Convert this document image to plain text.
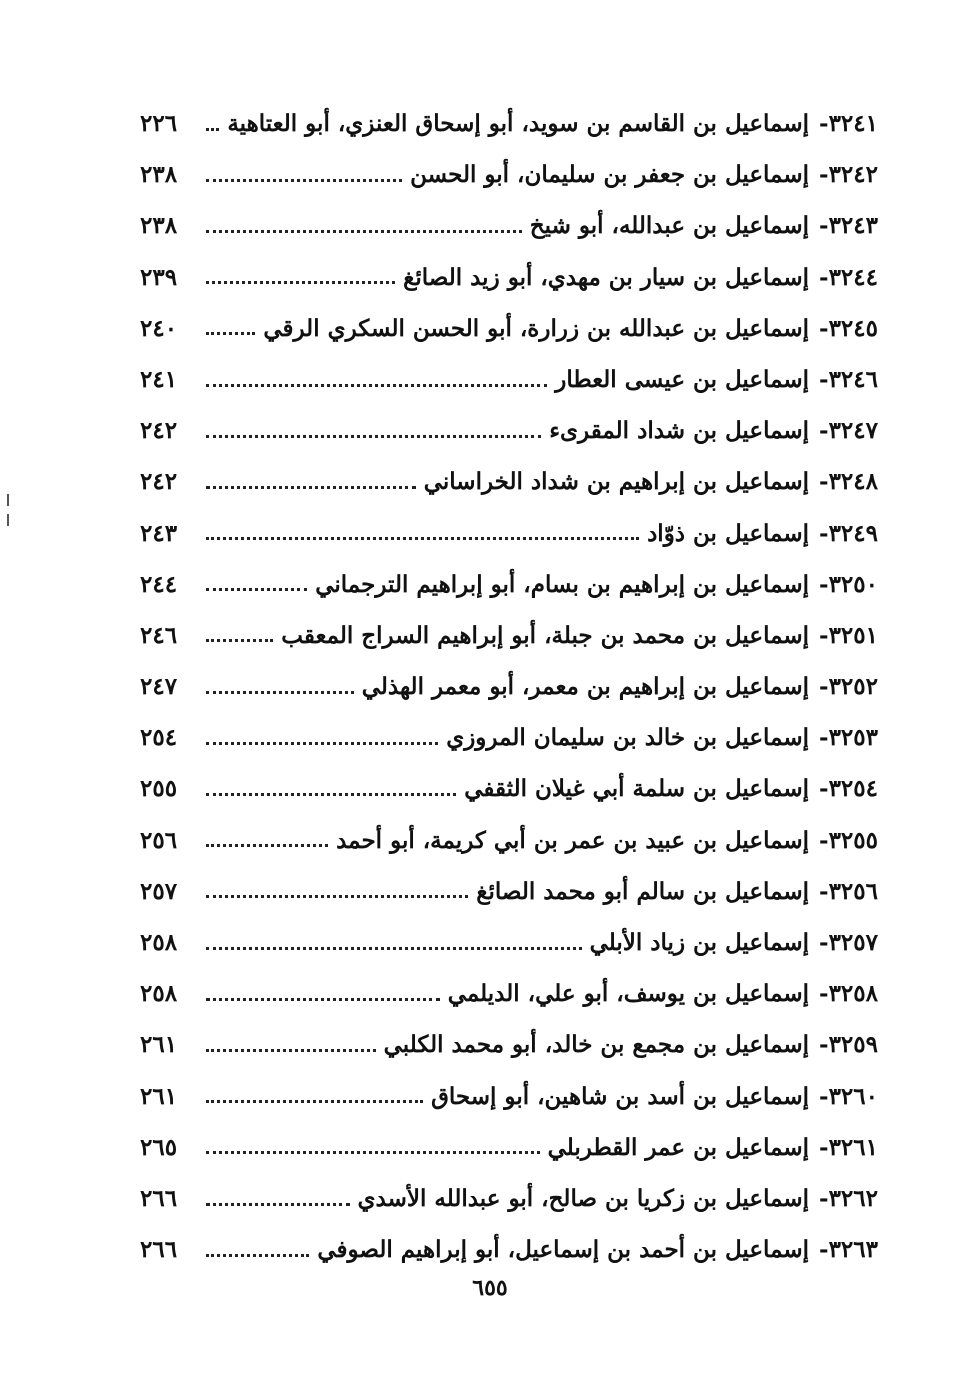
٣٢٤١
-
إسماعيل بن القاسم بن سويد، أبو إسحاق العنزي، أبو العتاهية
٢٢٦
٣٢٤٢
-
إسماعيل بن جعفر بن سليمان، أبو الحسن
٢٣٨
٣٢٤٣
-
إسماعيل بن عبدالله، أبو شيخ
٢٣٨
٣٢٤٤
-
إسماعيل بن سيار بن مهدي، أبو زيد الصائغ
٢٣٩
٣٢٤٥
-
إسماعيل بن عبدالله بن زرارة، أبو الحسن السكري الرقي
٢٤٠
٣٢٤٦
-
إسماعيل بن عيسى العطار
٢٤١
٣٢٤٧
-
إسماعيل بن شداد المقرىء
٢٤٢
٣٢٤٨
-
إسماعيل بن إبراهيم بن شداد الخراساني
٢٤٢
٣٢٤٩
-
إسماعيل بن ذوّاد
٢٤٣
٣٢٥٠
-
إسماعيل بن إبراهيم بن بسام، أبو إبراهيم الترجماني
٢٤٤
٣٢٥١
-
إسماعيل بن محمد بن جبلة، أبو إبراهيم السراج المعقب
٢٤٦
٣٢٥٢
-
إسماعيل بن إبراهيم بن معمر، أبو معمر الهذلي
٢٤٧
٣٢٥٣
-
إسماعيل بن خالد بن سليمان المروزي
٢٥٤
٣٢٥٤
-
إسماعيل بن سلمة أبي غيلان الثقفي
٢٥٥
٣٢٥٥
-
إسماعيل بن عبيد بن عمر بن أبي كريمة، أبو أحمد
٢٥٦
٣٢٥٦
-
إسماعيل بن سالم أبو محمد الصائغ
٢٥٧
٣٢٥٧
-
إسماعيل بن زياد الأبلي
٢٥٨
٣٢٥٨
-
إسماعيل بن يوسف، أبو علي، الديلمي
٢٥٨
٣٢٥٩
-
إسماعيل بن مجمع بن خالد، أبو محمد الكلبي
٢٦١
٣٢٦٠
-
إسماعيل بن أسد بن شاهين، أبو إسحاق
٢٦١
٣٢٦١
-
إسماعيل بن عمر القطربلي
٢٦٥
٣٢٦٢
-
إسماعيل بن زكريا بن صالح، أبو عبدالله الأسدي
٢٦٦
٣٢٦٣
-
إسماعيل بن أحمد بن إسماعيل، أبو إبراهيم الصوفي
٢٦٦
٦٥٥
